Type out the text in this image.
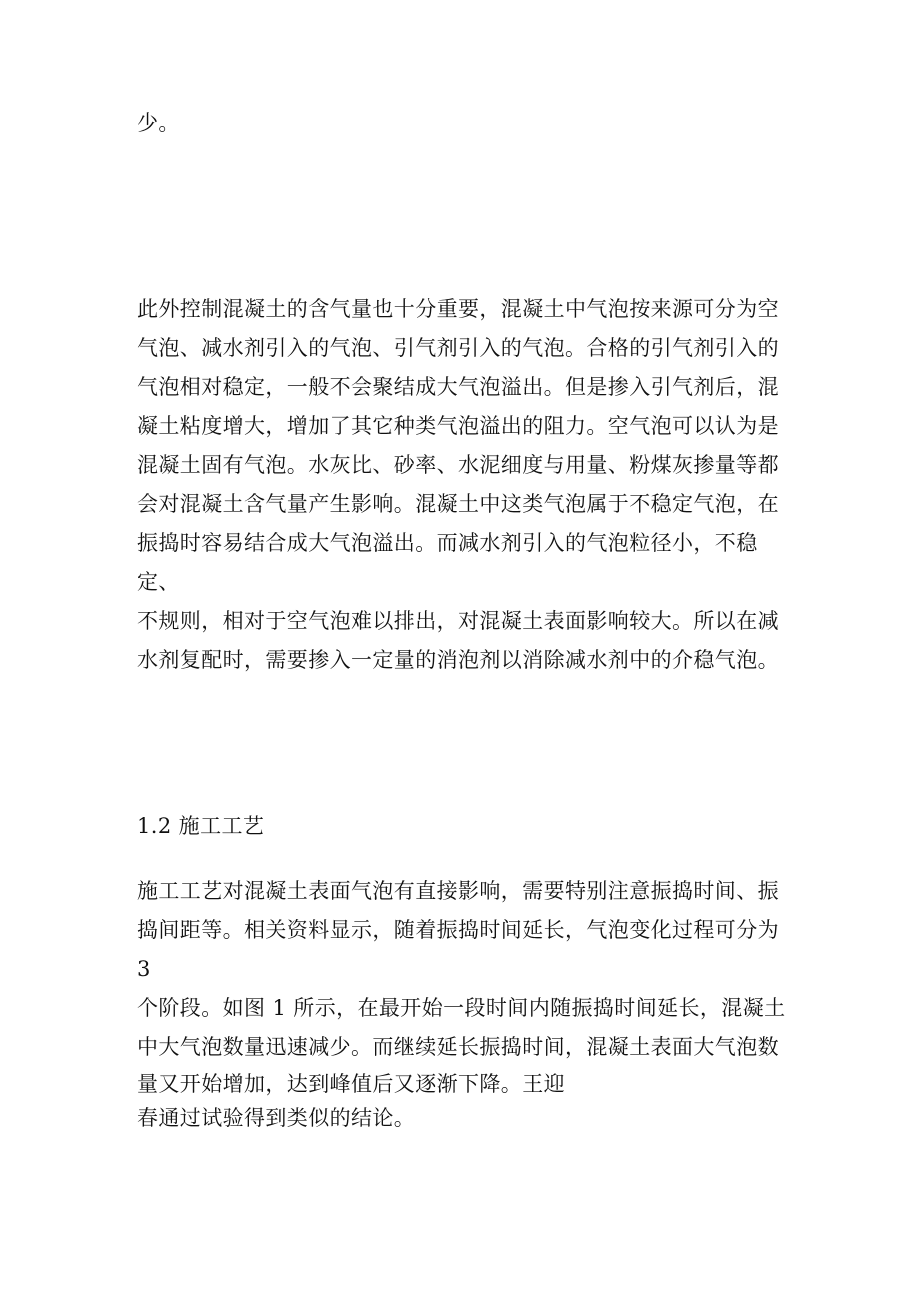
少。
此外控制混凝土的含气量也十分重要，混凝土中气泡按来源可分为空
气泡、减水剂引入的气泡、引气剂引入的气泡。合格的引气剂引入的
气泡相对稳定，一般不会聚结成大气泡溢出。但是掺入引气剂后，混
凝土粘度增大，增加了其它种类气泡溢出的阻力。空气泡可以认为是
混凝土固有气泡。水灰比、砂率、水泥细度与用量、粉煤灰掺量等都
会对混凝土含气量产生影响。混凝土中这类气泡属于不稳定气泡，在
振捣时容易结合成大气泡溢出。而减水剂引入的气泡粒径小，不稳定、
不规则，相对于空气泡难以排出，对混凝土表面影响较大。所以在减
水剂复配时，需要掺入一定量的消泡剂以消除减水剂中的介稳气泡。
1.2 施工工艺
施工工艺对混凝土表面气泡有直接影响，需要特别注意振捣时间、振
捣间距等。相关资料显示，随着振捣时间延长，气泡变化过程可分为 3
个阶段。如图 1 所示，在最开始一段时间内随振捣时间延长，混凝土
中大气泡数量迅速减少。而继续延长振捣时间，混凝土表面大气泡数
量又开始增加，达到峰值后又逐渐下降。王迎
春通过试验得到类似的结论。
